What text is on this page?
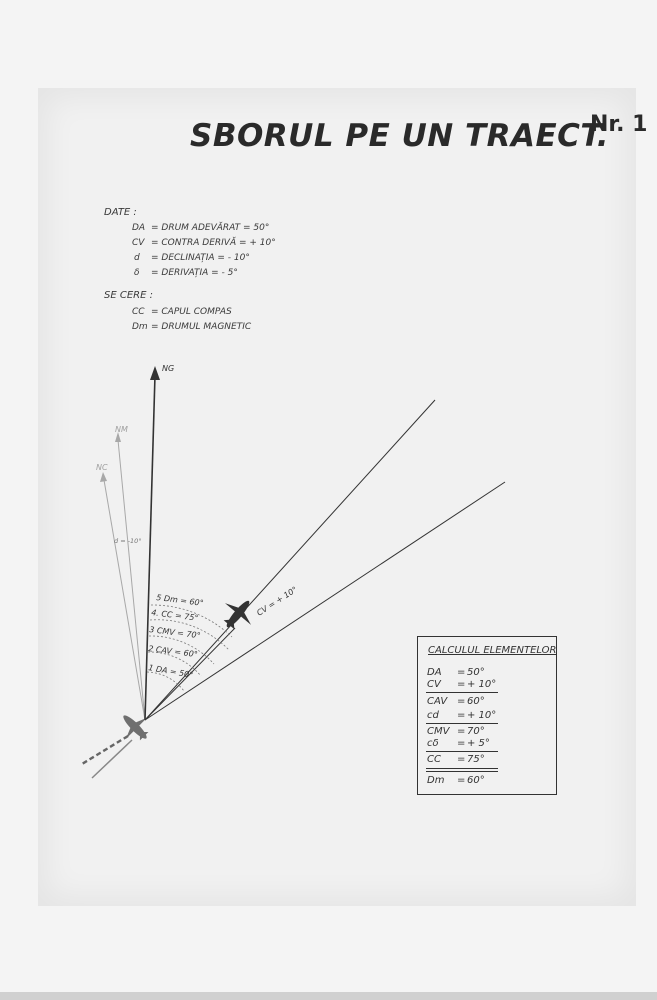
SBORUL PE UN TRAECT.
Nr. 1
DATE :
DA = DRUM ADEVĂRAT = 50°
CV = CONTRA DERIVĂ = + 10°
d = DECLINAȚIA = - 10°
δ = DERIVAȚIA = - 5°
SE CERE :
CC = CAPUL COMPAS
Dm = DRUMUL MAGNETIC
NM
NC
d = -10°
NG
5 Dm = 60°
4. CC = 75°
3 CMV = 70°
2 CAV = 60°
1 DA = 50°
CV = + 10°
CALCULUL ELEMENTELOR
DA = 50°
CV = + 10°
CAV = 60°
cd = + 10°
CMV = 70°
cδ = + 5°
CC = 75°
Dm = 60°
